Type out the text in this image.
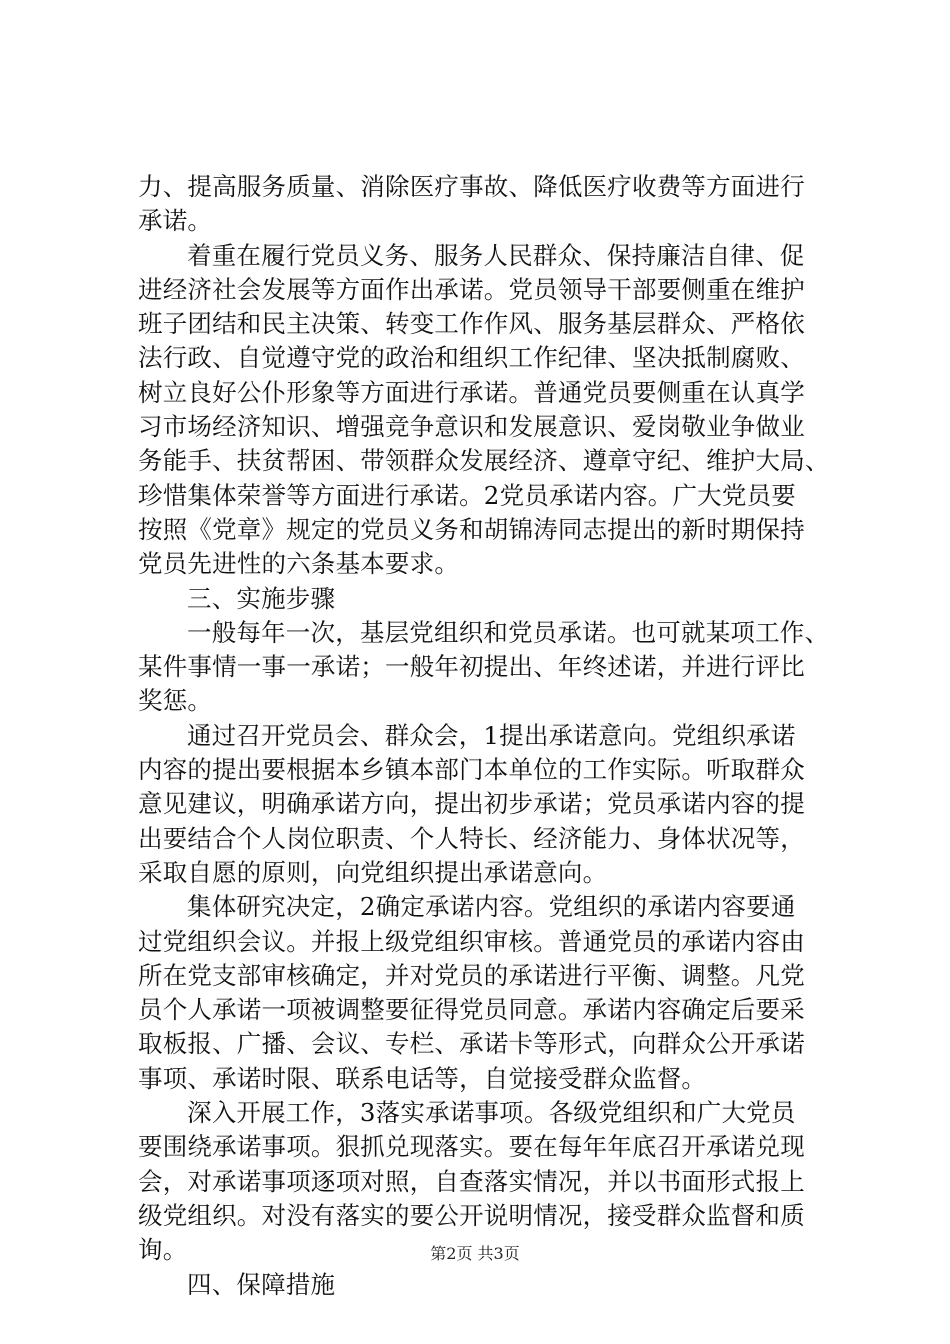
力、提高服务质量、消除医疗事故、降低医疗收费等方面进行
承诺。
着重在履行党员义务、服务人民群众、保持廉洁自律、促
进经济社会发展等方面作出承诺。党员领导干部要侧重在维护
班子团结和民主决策、转变工作作风、服务基层群众、严格依
法行政、自觉遵守党的政治和组织工作纪律、坚决抵制腐败、
树立良好公仆形象等方面进行承诺。普通党员要侧重在认真学
习市场经济知识、增强竞争意识和发展意识、爱岗敬业争做业
务能手、扶贫帮困、带领群众发展经济、遵章守纪、维护大局、
珍惜集体荣誉等方面进行承诺。2党员承诺内容。广大党员要
按照《党章》规定的党员义务和胡锦涛同志提出的新时期保持
党员先进性的六条基本要求。
三、实施步骤
一般每年一次，基层党组织和党员承诺。也可就某项工作、
某件事情一事一承诺；一般年初提出、年终述诺，并进行评比
奖惩。
通过召开党员会、群众会，1提出承诺意向。党组织承诺
内容的提出要根据本乡镇本部门本单位的工作实际。听取群众
意见建议，明确承诺方向，提出初步承诺；党员承诺内容的提
出要结合个人岗位职责、个人特长、经济能力、身体状况等，
采取自愿的原则，向党组织提出承诺意向。
集体研究决定，2确定承诺内容。党组织的承诺内容要通
过党组织会议。并报上级党组织审核。普通党员的承诺内容由
所在党支部审核确定，并对党员的承诺进行平衡、调整。凡党
员个人承诺一项被调整要征得党员同意。承诺内容确定后要采
取板报、广播、会议、专栏、承诺卡等形式，向群众公开承诺
事项、承诺时限、联系电话等，自觉接受群众监督。
深入开展工作，3落实承诺事项。各级党组织和广大党员
要围绕承诺事项。狠抓兑现落实。要在每年年底召开承诺兑现
会，对承诺事项逐项对照，自查落实情况，并以书面形式报上
级党组织。对没有落实的要公开说明情况，接受群众监督和质
询。
四、保障措施
第2页 共3页
